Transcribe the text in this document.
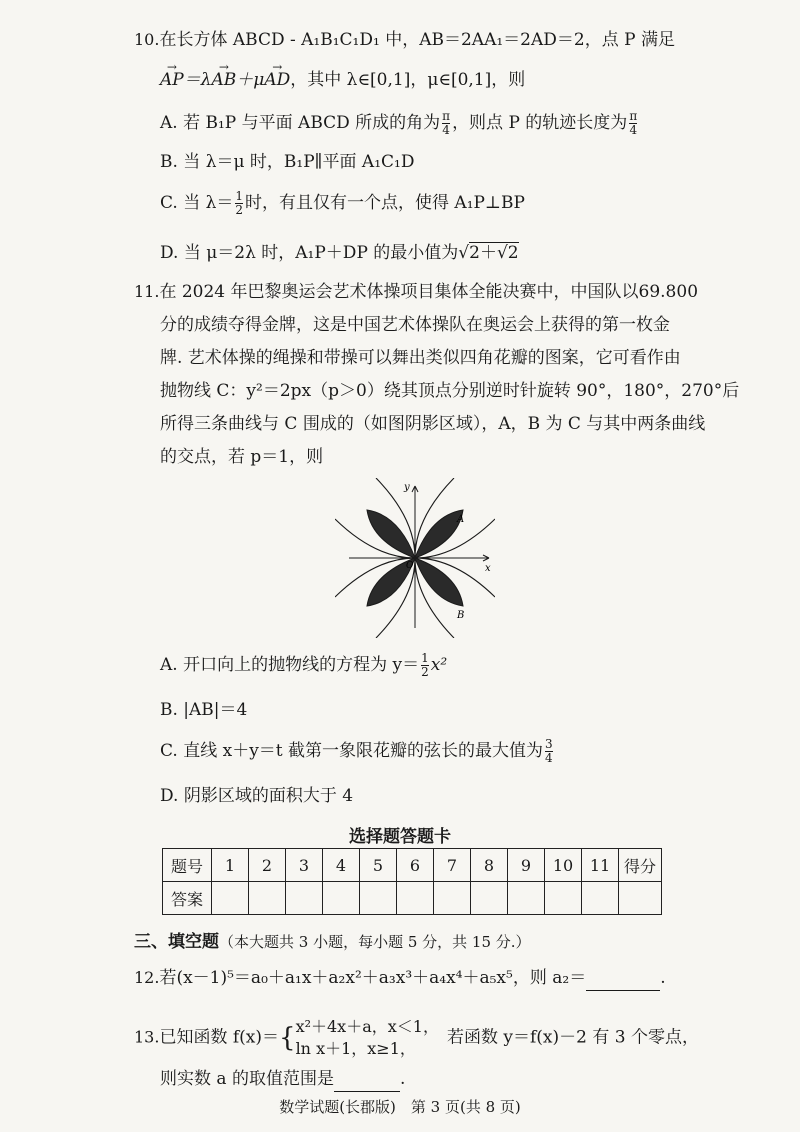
10.在长方体 ABCD - A₁B₁C₁D₁ 中，AB＝2AA₁＝2AD＝2，点 P 满足
→ AP＝λ→ AB＋μ→ AD，其中 λ∈[0,1]，μ∈[0,1]，则
A. 若 B₁P 与平面 ABCD 所成的角为 $\frac{\pi}{4}$ ，则点 P 的轨迹长度为 $\frac{\pi}{4}$
B. 当 λ＝μ 时，B₁P∥平面 A₁C₁D
C. 当 $\lambda= \frac{1}{2}$ 时，有且仅有一个点，使得 A₁P⊥BP
D. 当 μ＝2λ 时，A₁P＋DP 的最小值为√2＋√2
11.在 2024 年巴黎奥运会艺术体操项目集体全能决赛中，中国队以69.800
分的成绩夺得金牌，这是中国艺术体操队在奥运会上获得的第一枚金
牌. 艺术体操的绳操和带操可以舞出类似四角花瓣的图案，它可看作由
抛物线 C：y²＝2px（p＞0）绕其顶点分别逆时针旋转 90°，180°，270°后
所得三条曲线与 C 围成的（如图阴影区域），A，B 为 C 与其中两条曲线
的交点，若 p＝1，则
x
y
O
A
B
A. 开口向上的抛物线的方程为 $y= \frac{1}{2} x^2$
B. |AB|＝4
C. 直线 x＋y＝t 截第一象限花瓣的弦长的最大值为 $\frac{3}{4}$
D. 阴影区域的面积大于 4
选择题答题卡
题号	1	2	3	4	5	6	7	8	9	10	11	得分
答案												
三、填空题（本大题共 3 小题，每小题 5 分，共 15 分.）
12.若(x－1)⁵＝a₀＋a₁x＋a₂x²＋a₃x³＋a₄x⁴＋a₅x⁵，则 a₂＝	.
13.已知函数 f(x)＝{ x²＋4x＋a，x＜1，
ln x＋1，x≥1，
若函数 y＝f(x)－2 有 3 个零点，
则实数 a 的取值范围是	.
数学试题(长郡版)　第 3 页(共 8 页)
